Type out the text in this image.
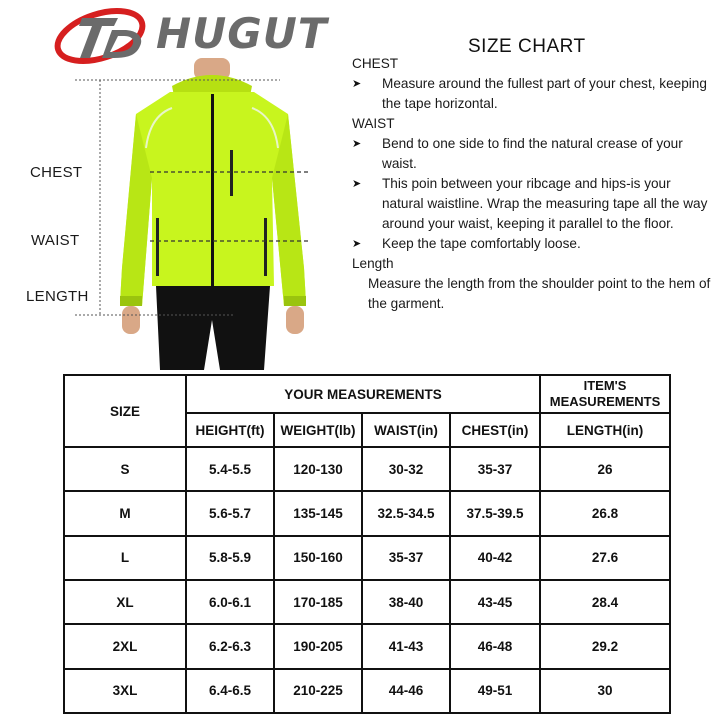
HUGUT
CHEST
WAIST
LENGTH
SIZE CHART

CHEST

➤ Measure around the fullest part of your chest, keeping the tape horizontal.

WAIST

➤ Bend to one side to find the natural crease of your waist.

➤ This poin between your ribcage and hips-is your natural waistline. Wrap the measuring tape all the way around your waist, keeping it parallel to the floor.

➤ Keep the tape comfortably loose.

Length

Measure the length from the shoulder point to the hem of the garment.

SIZE	YOUR MEASUREMENTS				ITEM'S MEASUREMENTS
	HEIGHT(ft)	WEIGHT(lb)	WAIST(in)	CHEST(in)	LENGTH(in)
S	5.4-5.5	120-130	30-32	35-37	26
M	5.6-5.7	135-145	32.5-34.5	37.5-39.5	26.8
L	5.8-5.9	150-160	35-37	40-42	27.6
XL	6.0-6.1	170-185	38-40	43-45	28.4
2XL	6.2-6.3	190-205	41-43	46-48	29.2
3XL	6.4-6.5	210-225	44-46	49-51	30
